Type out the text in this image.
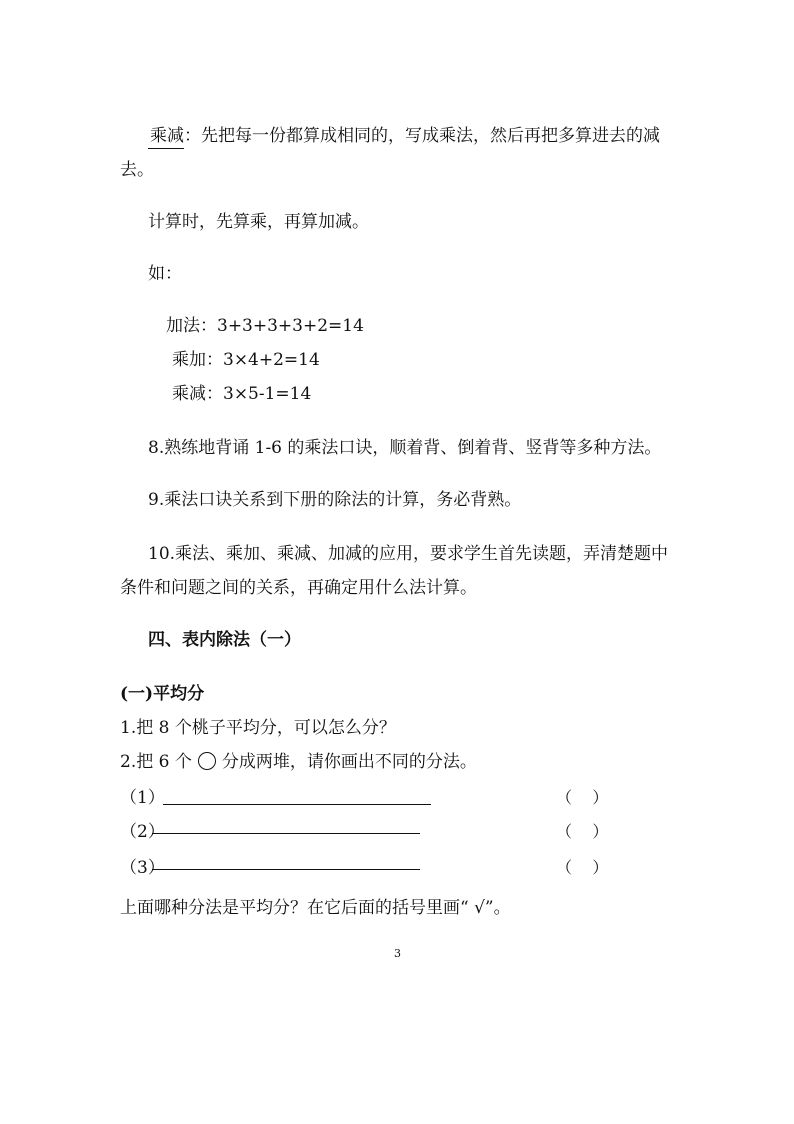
乘减：先把每一份都算成相同的，写成乘法，然后再把多算进去的减
去。
计算时，先算乘，再算加减。
如：
加法：3+3+3+3+2=14
乘加：3×4+2=14
乘减：3×5-1=14
8.熟练地背诵 1-6 的乘法口诀，顺着背、倒着背、竖背等多种方法。
9.乘法口诀关系到下册的除法的计算，务必背熟。
10.乘法、乘加、乘减、加减的应用，要求学生首先读题，弄清楚题中
条件和问题之间的关系，再确定用什么法计算。
四、表内除法（一）
(一)平均分
1.把 8 个桃子平均分，可以怎么分？
2.把 6 个 分成两堆，请你画出不同的分法。
（1）	（    ）
（2）	（    ）
（3）	（    ）
上面哪种分法是平均分？在它后面的括号里画“ √”。
3
